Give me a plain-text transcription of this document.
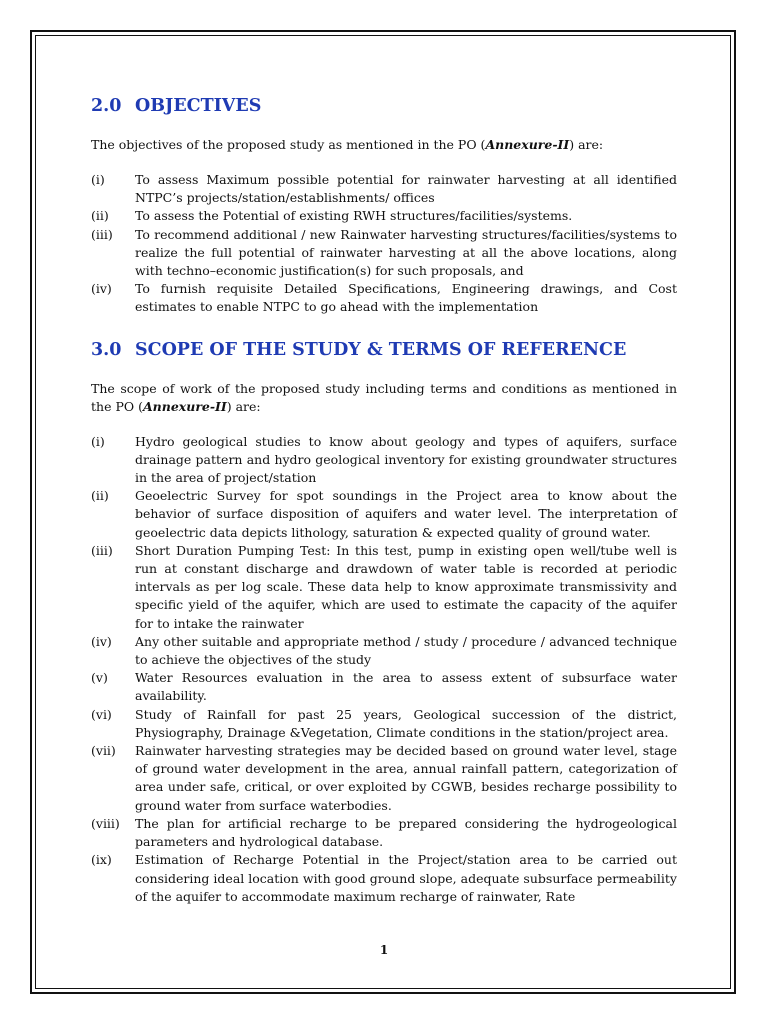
2.0 OBJECTIVES

The objectives of the proposed study as mentioned in the PO (Annexure-II) are:

(i)	To assess Maximum possible potential for rainwater harvesting at all identified NTPC’s projects/station/establishments/ offices
(ii)	To assess the Potential of existing RWH structures/facilities/systems.
(iii)	To recommend additional / new Rainwater harvesting structures/facilities/systems to realize the full potential of rainwater harvesting at all the above locations, along with techno–economic justification(s) for such proposals, and
(iv)	To furnish requisite Detailed Specifications, Engineering drawings, and Cost estimates to enable NTPC to go ahead with the implementation
3.0 SCOPE OF THE STUDY & TERMS OF REFERENCE

The scope of work of the proposed study including terms and conditions as mentioned in the PO (Annexure-II) are:

(i)	Hydro geological studies to know about geology and types of aquifers, surface drainage pattern and hydro geological inventory for existing groundwater structures in the area of project/station
(ii)	Geoelectric Survey for spot soundings in the Project area to know about the behavior of surface disposition of aquifers and water level. The interpretation of geoelectric data depicts lithology, saturation & expected quality of ground water.
(iii)	Short Duration Pumping Test: In this test, pump in existing open well/tube well is run at constant discharge and drawdown of water table is recorded at periodic intervals as per log scale. These data help to know approximate transmissivity and specific yield of the aquifer, which are used to estimate the capacity of the aquifer for to intake the rainwater
(iv)	Any other suitable and appropriate method / study / procedure / advanced technique to achieve the objectives of the study
(v)	Water Resources evaluation in the area to assess extent of subsurface water availability.
(vi)	Study of Rainfall for past 25 years, Geological succession of the district, Physiography, Drainage &Vegetation, Climate conditions in the station/project area.
(vii)	Rainwater harvesting strategies may be decided based on ground water level, stage of ground water development in the area, annual rainfall pattern, categorization of area under safe, critical, or over exploited by CGWB, besides recharge possibility to ground water from surface waterbodies.
(viii)	The plan for artificial recharge to be prepared considering the hydrogeological parameters and hydrological database.
(ix)	Estimation of Recharge Potential in the Project/station area to be carried out considering ideal location with good ground slope, adequate subsurface permeability of the aquifer to accommodate maximum recharge of rainwater, Rate
1
